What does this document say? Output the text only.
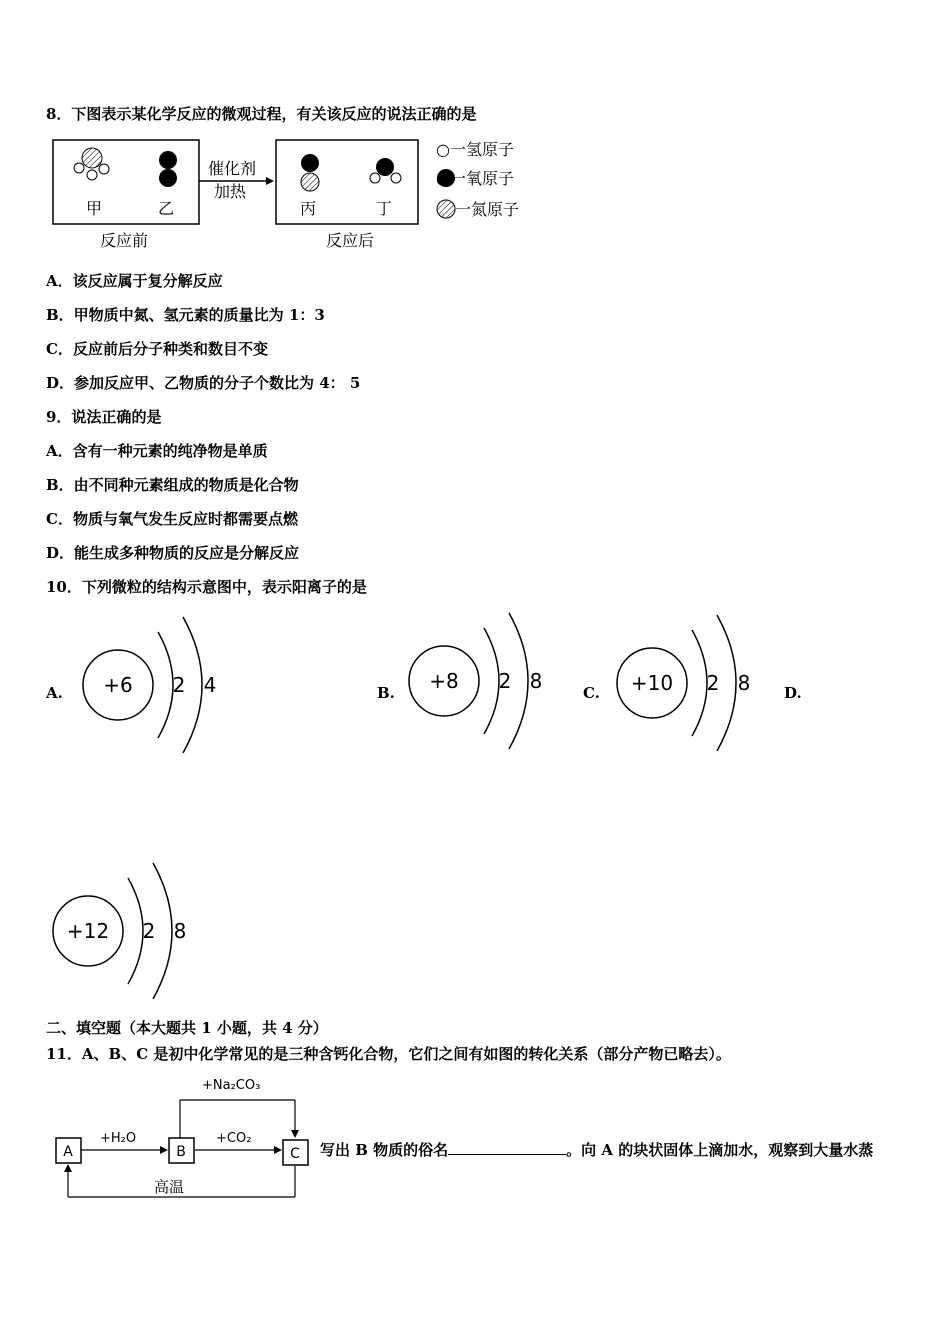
8．下图表示某化学反应的微观过程，有关该反应的说法正确的是
甲	乙
催化剂
加热
丙	丁
反应前	反应后
○一氢原子
●一氧原子
一氮原子
A．该反应属于复分解反应
B．甲物质中氮、氢元素的质量比为 1：3
C．反应前后分子种类和数目不变
D．参加反应甲、乙物质的分子个数比为 4： 5
9．说法正确的是
A．含有一种元素的纯净物是单质
B．由不同种元素组成的物质是化合物
C．物质与氧气发生反应时都需要点燃
D．能生成多种物质的反应是分解反应
10．下列微粒的结构示意图中，表示阳离子的是
A.	B.	C.	D.
+6 2 4	+8 2 8	+10 2 8
+12 2 8
二、填空题（本大题共 1 小题，共 4 分）
11．A、B、C 是初中化学常见的是三种含钙化合物，它们之间有如图的转化关系（部分产物已略去）。
+Na₂CO₃
+H₂O	+CO₂
高温
A	B	C 写出 B 物质的俗名	。向 A 的块状固体上滴加水，观察到大量水蒸
